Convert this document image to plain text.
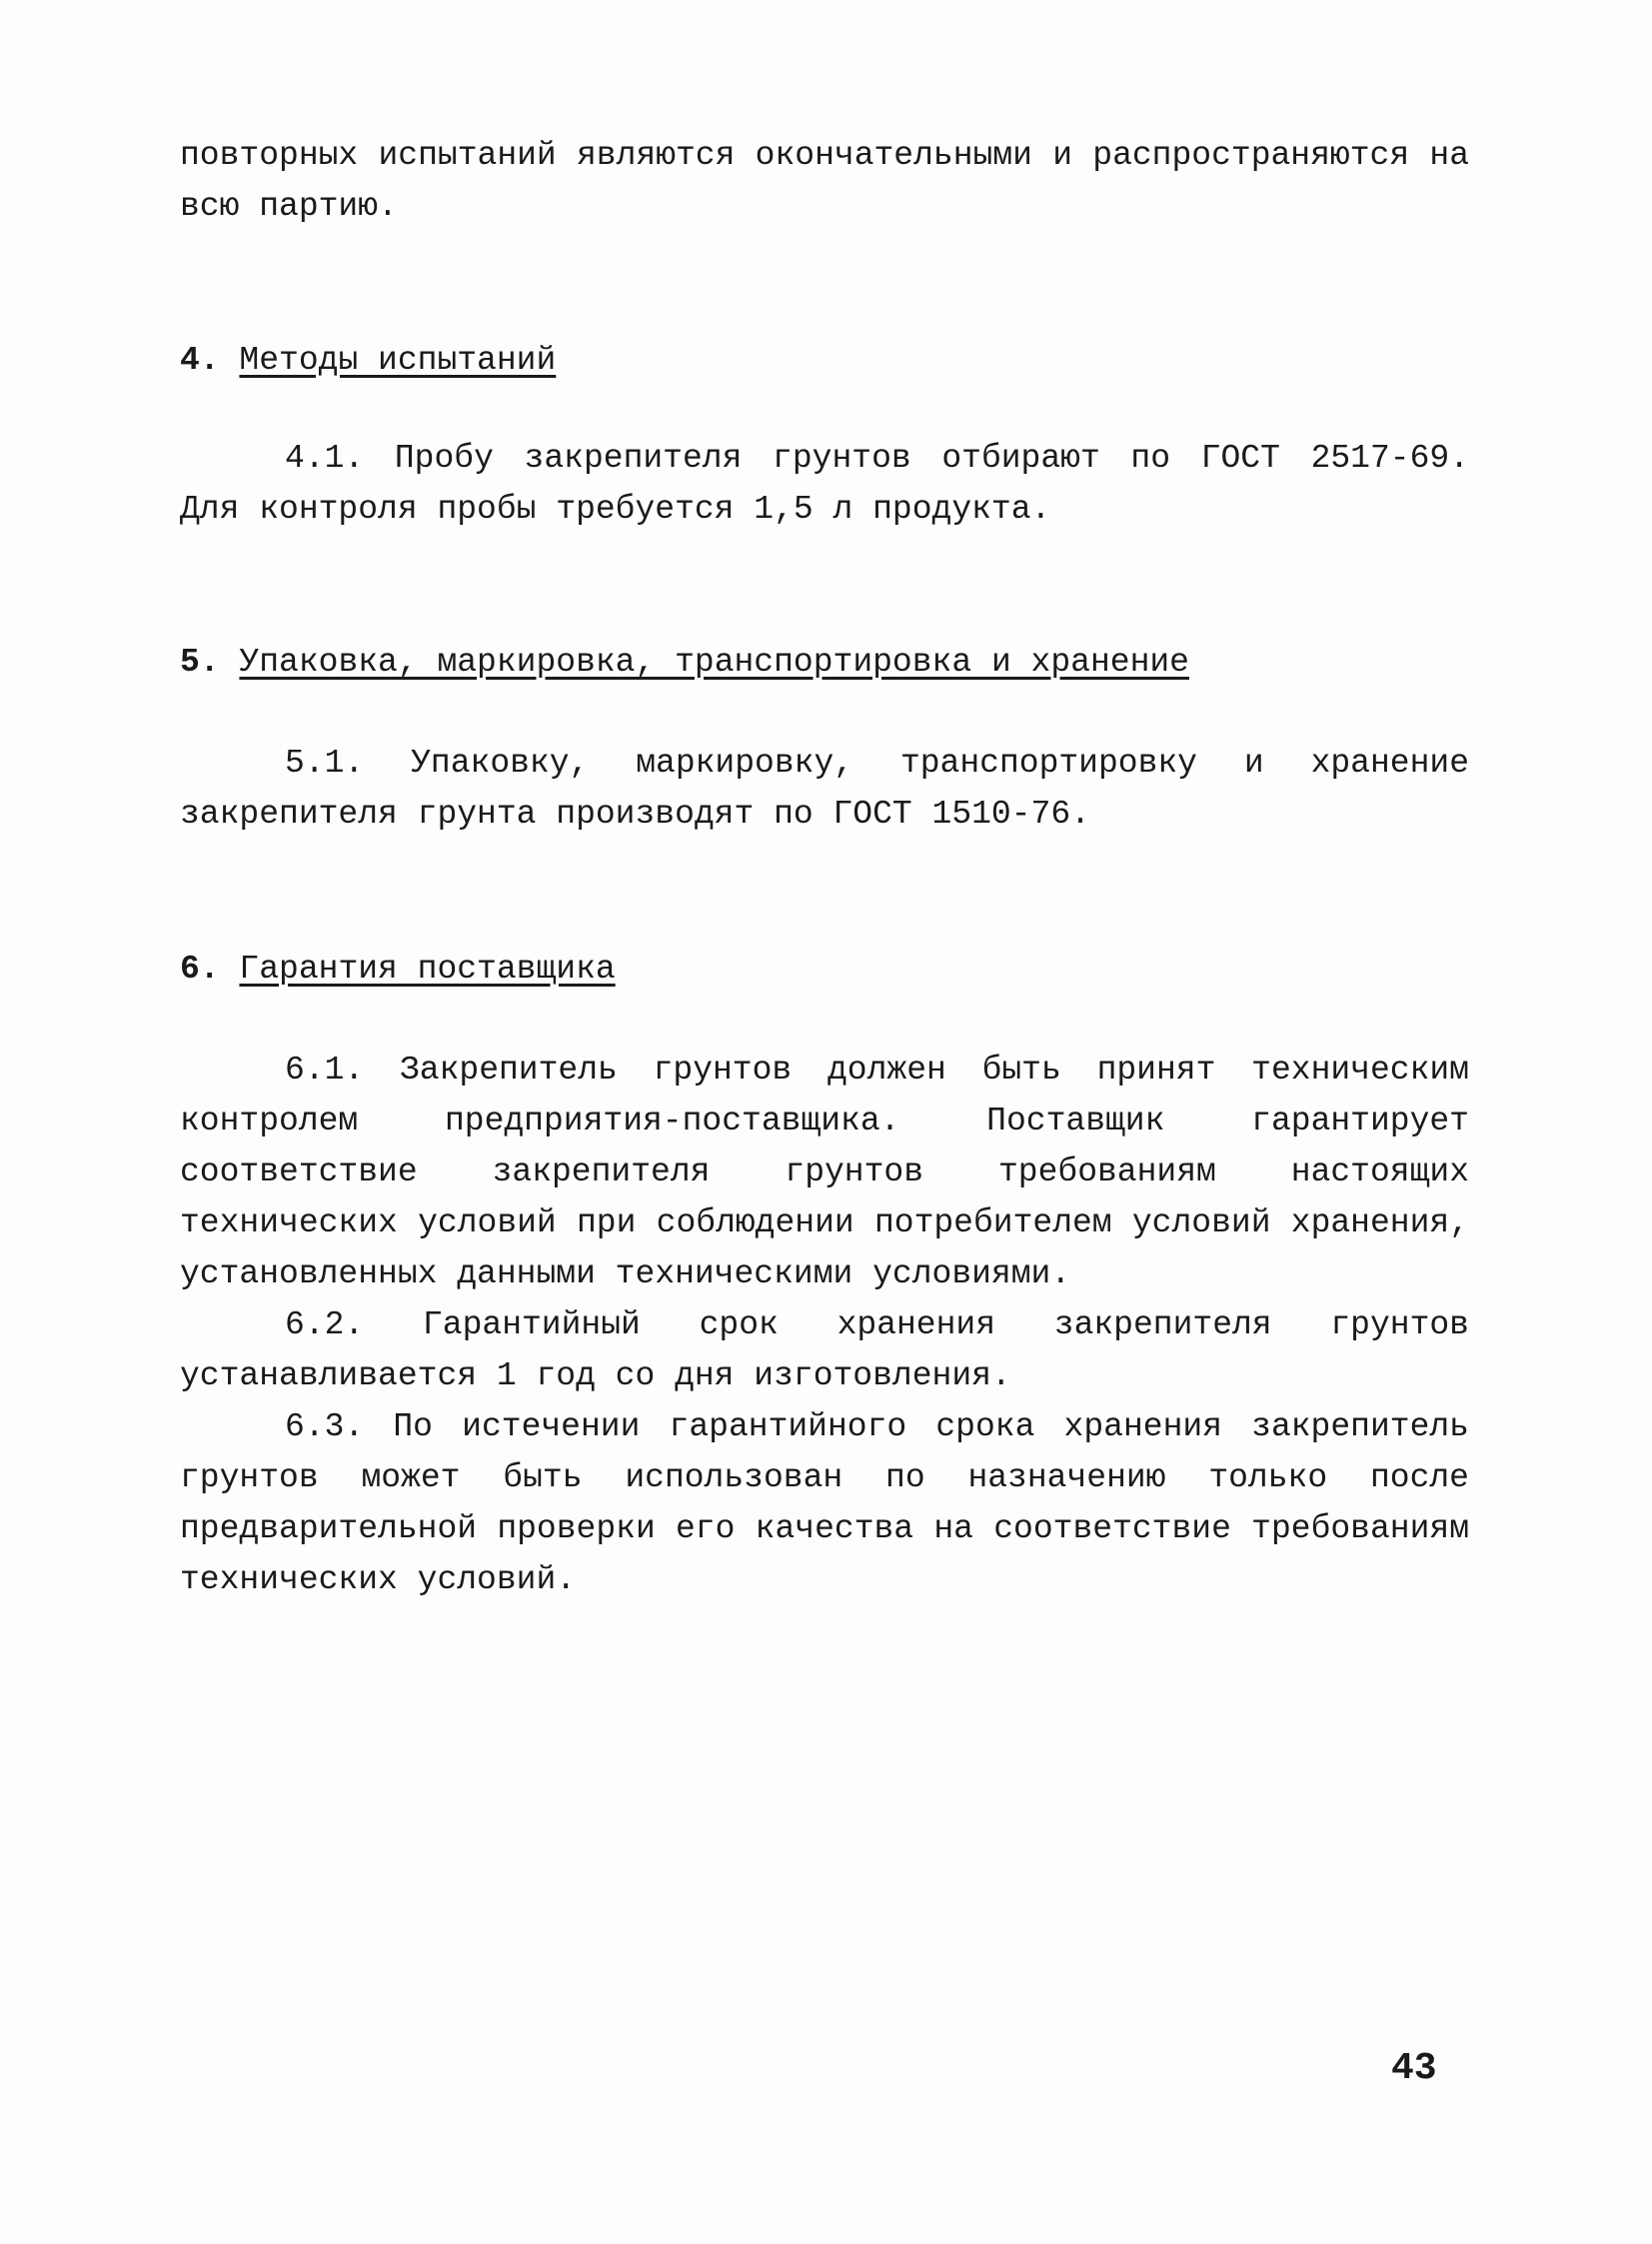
повторных испытаний являются окончательными и распространяются на всю партию.

4. Методы испытаний

4.1. Пробу закрепителя грунтов отбирают по ГОСТ 2517-69. Для контроля пробы требуется 1,5 л продукта.

5. Упаковка, маркировка, транспортировка и хранение

5.1. Упаковку, маркировку, транспортировку и хранение закрепителя грунта производят по ГОСТ 1510-76.

6. Гарантия поставщика

6.1. Закрепитель грунтов должен быть принят техническим контролем предприятия-поставщика. Поставщик гарантирует соответствие закрепителя грунтов требованиям настоящих технических условий при соблюдении потребителем условий хранения, установленных данными техническими условиями.

6.2. Гарантийный срок хранения закрепителя грунтов устанавливается 1 год со дня изготовления.

6.3. По истечении гарантийного срока хранения закрепитель грунтов может быть использован по назначению только после предварительной проверки его качества на соответствие требованиям технических условий.

43
